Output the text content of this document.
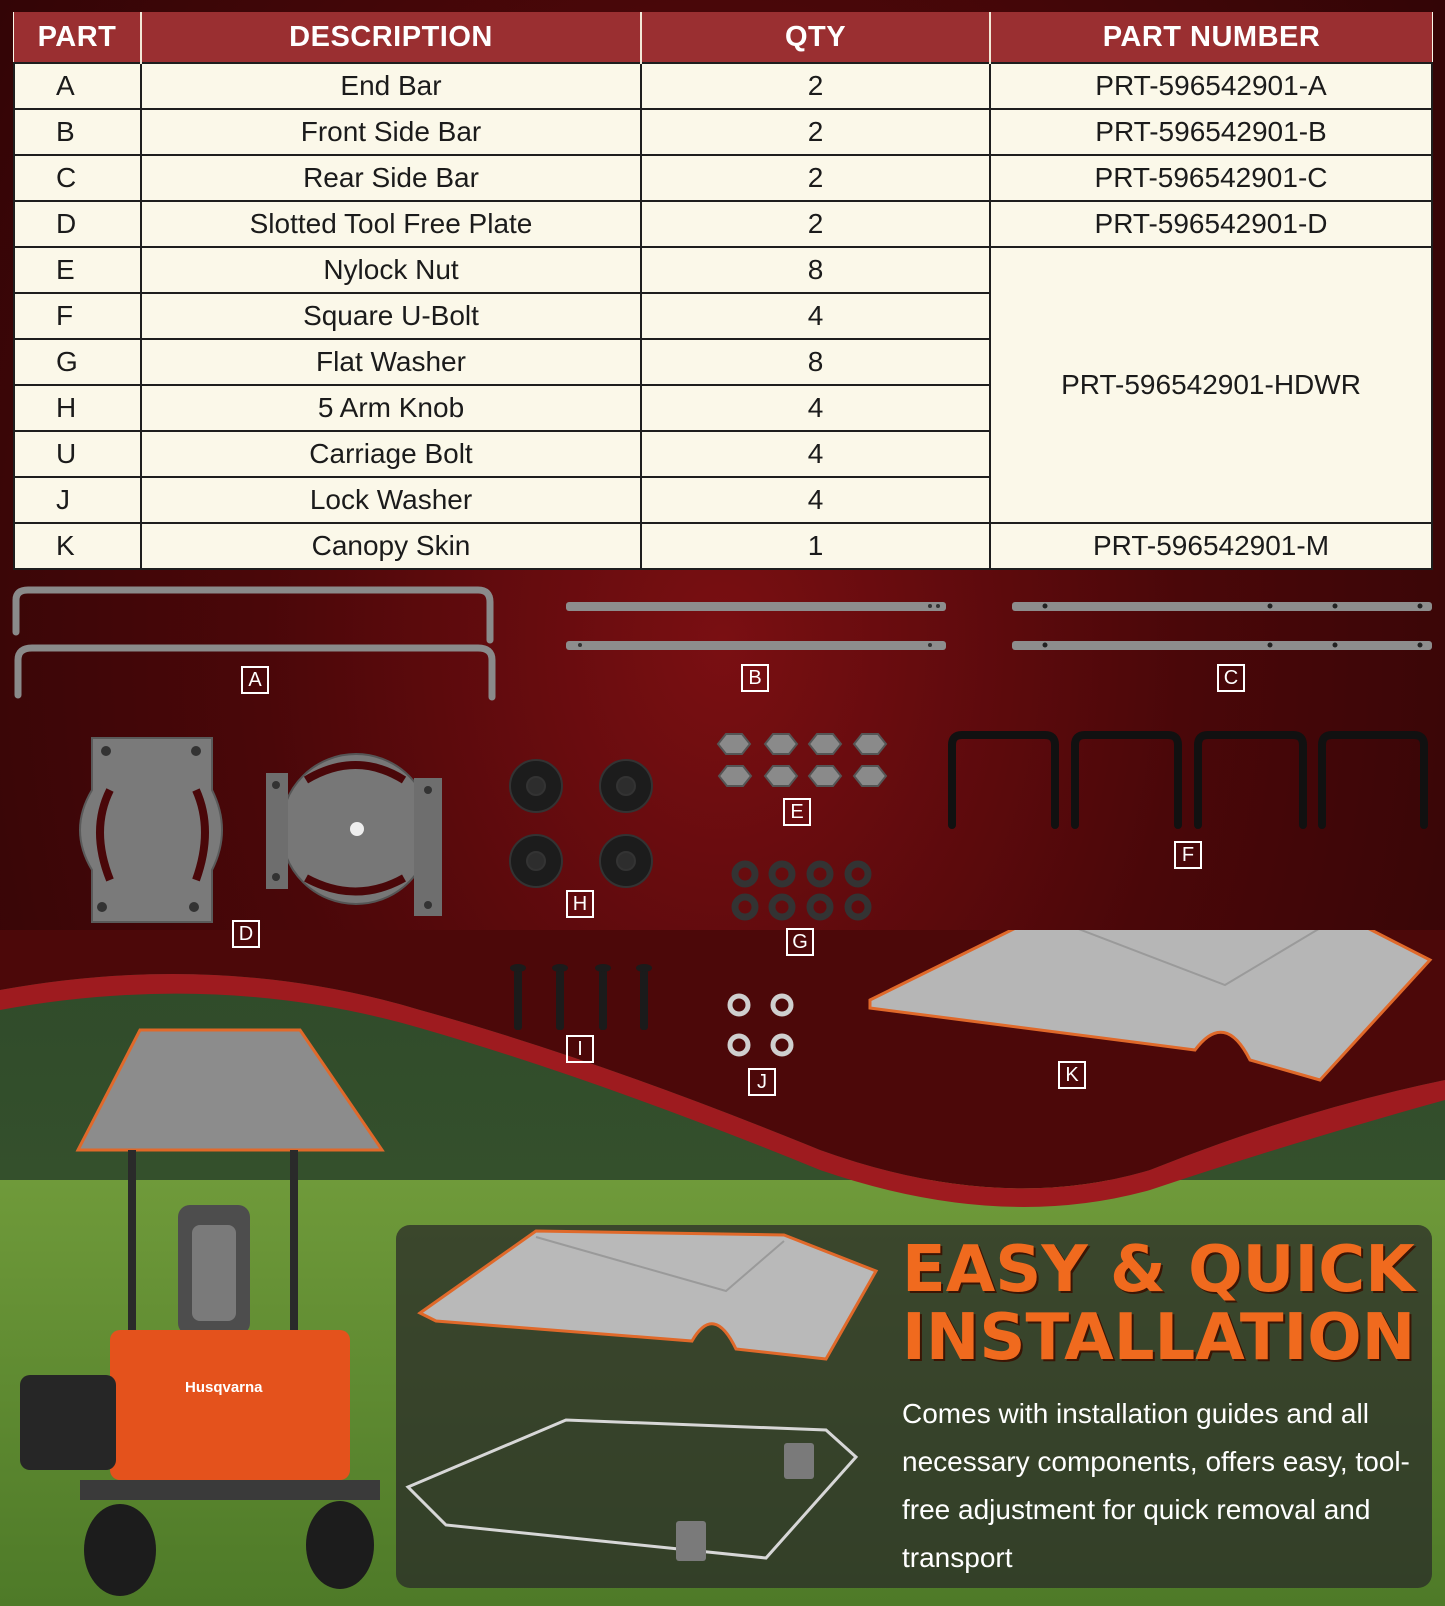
PART	DESCRIPTION	QTY	PART NUMBER
A	End Bar	2	PRT-596542901-A
B	Front Side Bar	2	PRT-596542901-B
C	Rear Side Bar	2	PRT-596542901-C
D	Slotted Tool Free Plate	2	PRT-596542901-D
E	Nylock Nut	8	PRT-596542901-HDWR
F	Square U-Bolt	4	
G	Flat Washer	8	
H	5 Arm Knob	4	
U	Carriage Bolt	4	
J	Lock Washer	4	
K	Canopy Skin	1	PRT-596542901-M
Husqvarna
A	B	C
D
E
F
G
H
I
J	K
EASY & QUICK
INSTALLATION
Comes with installation guides and all necessary components, offers easy, tool-free adjustment for quick removal and transport
